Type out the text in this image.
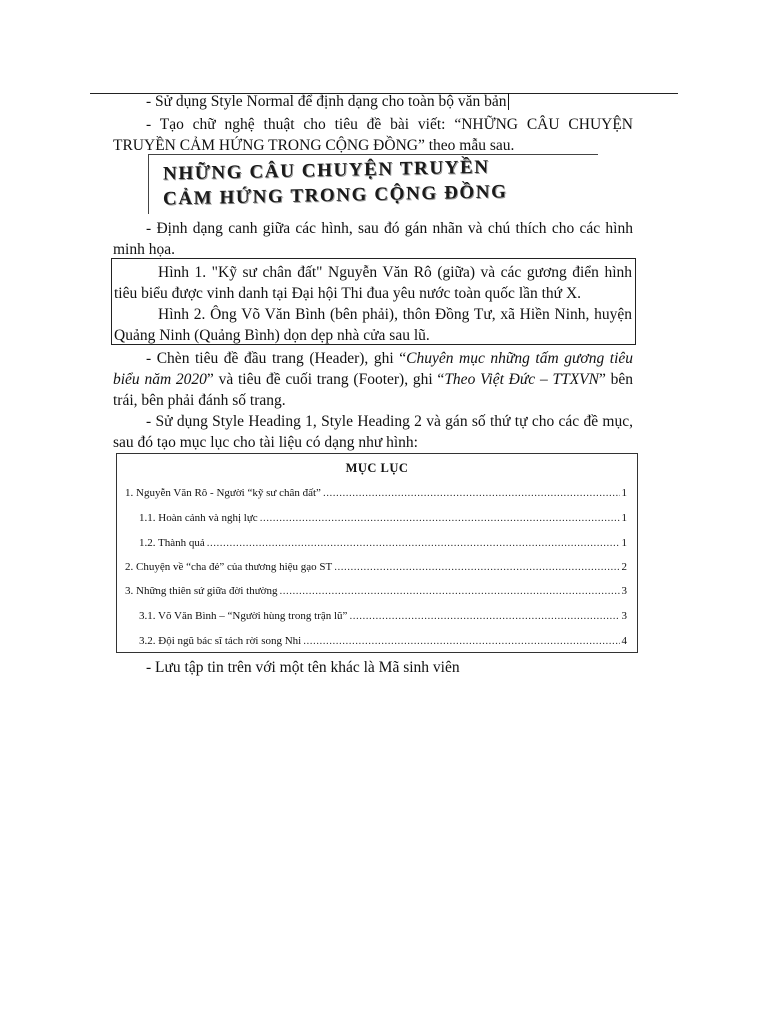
- Sử dụng Style Normal để định dạng cho toàn bộ văn bản

- Tạo chữ nghệ thuật cho tiêu đề bài viết: “NHỮNG CÂU CHUYỆN TRUYỀN CẢM HỨNG TRONG CỘNG ĐỒNG” theo mẫu sau.

NHỮNG CÂU CHUYỆN TRUYỀN
CẢM HỨNG TRONG CỘNG ĐỒNG

- Định dạng canh giữa các hình, sau đó gán nhãn và chú thích cho các hình minh họa.

Hình 1. "Kỹ sư chân đất" Nguyễn Văn Rô (giữa) và các gương điển hình tiêu biểu được vinh danh tại Đại hội Thi đua yêu nước toàn quốc lần thứ X.

Hình 2. Ông Võ Văn Bình (bên phải), thôn Đồng Tư, xã Hiền Ninh, huyện Quảng Ninh (Quảng Bình) dọn dẹp nhà cửa sau lũ.

- Chèn tiêu đề đầu trang (Header), ghi “Chuyên mục những tấm gương tiêu biểu năm 2020” và tiêu đề cuối trang (Footer), ghi “Theo Việt Đức – TTXVN” bên trái, bên phải đánh số trang.

- Sử dụng Style Heading 1, Style Heading 2 và gán số thứ tự cho các đề mục, sau đó tạo mục lục cho tài liệu có dạng như hình:

MỤC LỤC
1. Nguyễn Văn Rô - Người “kỹ sư chân đất” .....	1
1.1. Hoàn cảnh và nghị lực .....	1
1.2. Thành quả .....	1
2. Chuyện về “cha đẻ” của thương hiệu gạo ST .....	2
3. Những thiên sứ giữa đời thường .....	3
3.1. Võ Văn Bình – “Người hùng trong trận lũ” .....	3
3.2. Đội ngũ bác sĩ tách rời song Nhi .....	4

- Lưu tập tin trên với một tên khác là Mã sinh viên
